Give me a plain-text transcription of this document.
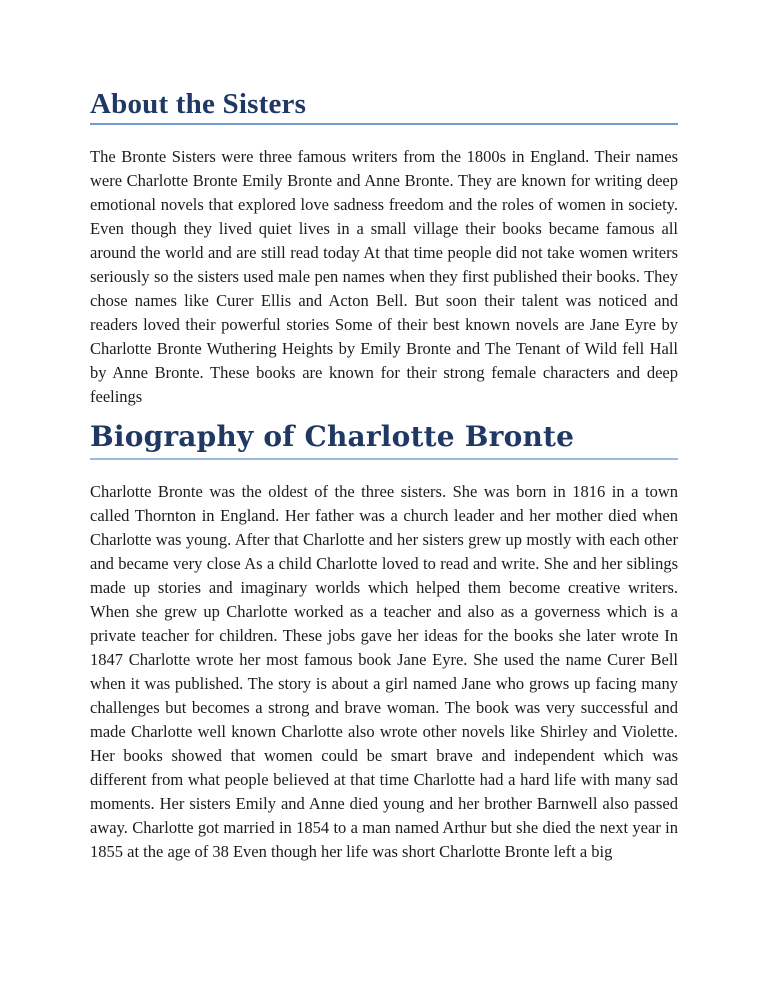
About the Sisters

The Bronte Sisters were three famous writers from the 1800s in England. Their names were Charlotte Bronte Emily Bronte and Anne Bronte. They are known for writing deep emotional novels that explored love sadness freedom and the roles of women in society. Even though they lived quiet lives in a small village their books became famous all around the world and are still read today At that time people did not take women writers seriously so the sisters used male pen names when they first published their books. They chose names like Curer Ellis and Acton Bell. But soon their talent was noticed and readers loved their powerful stories Some of their best known novels are Jane Eyre by Charlotte Bronte Wuthering Heights by Emily Bronte and The Tenant of Wild fell Hall by Anne Bronte. These books are known for their strong female characters and deep feelings

Biography of Charlotte Bronte

Charlotte Bronte was the oldest of the three sisters. She was born in 1816 in a town called Thornton in England. Her father was a church leader and her mother died when Charlotte was young. After that Charlotte and her sisters grew up mostly with each other and became very close As a child Charlotte loved to read and write. She and her siblings made up stories and imaginary worlds which helped them become creative writers. When she grew up Charlotte worked as a teacher and also as a governess which is a private teacher for children. These jobs gave her ideas for the books she later wrote In 1847 Charlotte wrote her most famous book Jane Eyre. She used the name Curer Bell when it was published. The story is about a girl named Jane who grows up facing many challenges but becomes a strong and brave woman. The book was very successful and made Charlotte well known Charlotte also wrote other novels like Shirley and Violette. Her books showed that women could be smart brave and independent which was different from what people believed at that time Charlotte had a hard life with many sad moments. Her sisters Emily and Anne died young and her brother Barnwell also passed away. Charlotte got married in 1854 to a man named Arthur but she died the next year in 1855 at the age of 38 Even though her life was short Charlotte Bronte left a big
